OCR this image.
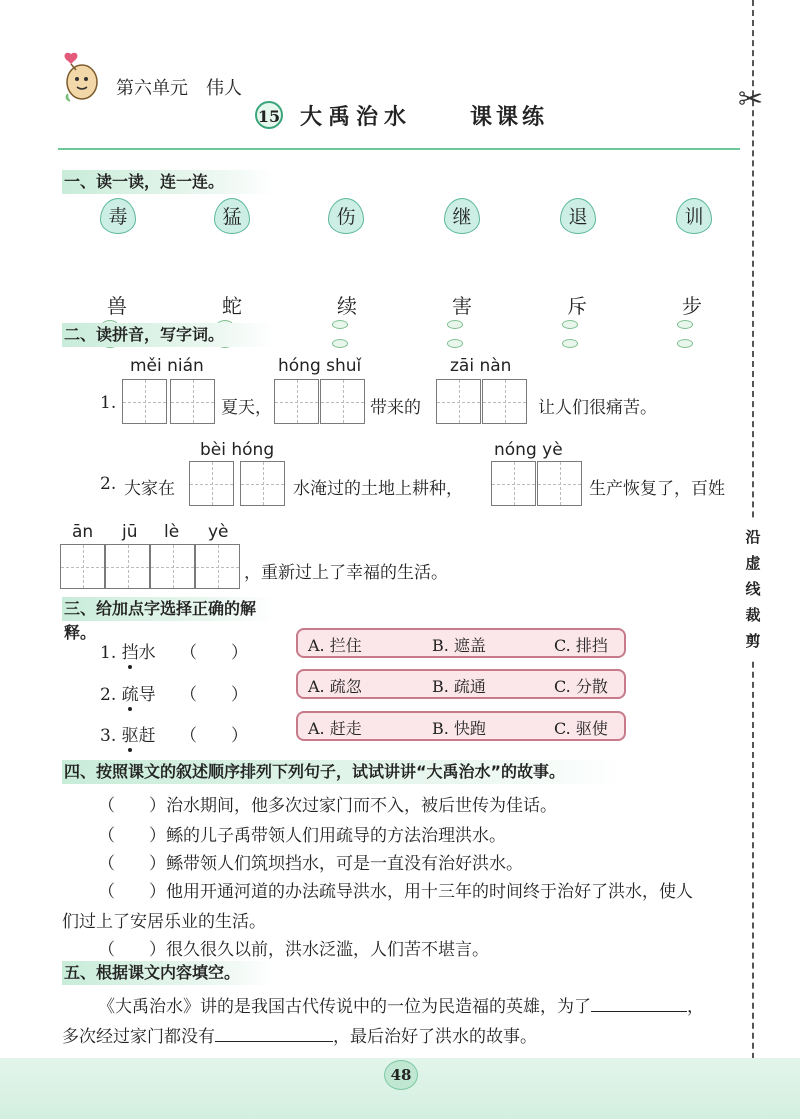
✂
沿
虚
线
裁
剪
第六单元　伟人
15 大禹治水	课课练
一、读一读，连一连。
毒	猛	伤	继	退	训
兽	蛇	续	害	斥	步
二、读拼音，写字词。
měi nián	hóng shuǐ	zāi nàn
1.	夏天，	带来的	让人们很痛苦。
bèi hóng	nóng yè
2. 大家在	水淹过的土地上耕种，	生产恢复了，百姓
ān jū lè yè
，重新过上了幸福的生活。
三、给加点字选择正确的解释。
1. 挡水 （　　）	A. 拦住	B. 遮盖	C. 排挡
2. 疏导 （　　）	A. 疏忽	B. 疏通	C. 分散
3. 驱赶 （　　）	A. 赶走	B. 快跑	C. 驱使
四、按照课文的叙述顺序排列下列句子，试试讲讲“大禹治水”的故事。
（　　）治水期间，他多次过家门而不入，被后世传为佳话。
（　　）鲧的儿子禹带领人们用疏导的方法治理洪水。
（　　）鲧带领人们筑坝挡水，可是一直没有治好洪水。
（　　）他用开通河道的办法疏导洪水，用十三年的时间终于治好了洪水，使人
们过上了安居乐业的生活。
（　　）很久很久以前，洪水泛滥，人们苦不堪言。
五、根据课文内容填空。
《大禹治水》讲的是我国古代传说中的一位为民造福的英雄，为了	，
多次经过家门都没有	，最后治好了洪水的故事。
48
